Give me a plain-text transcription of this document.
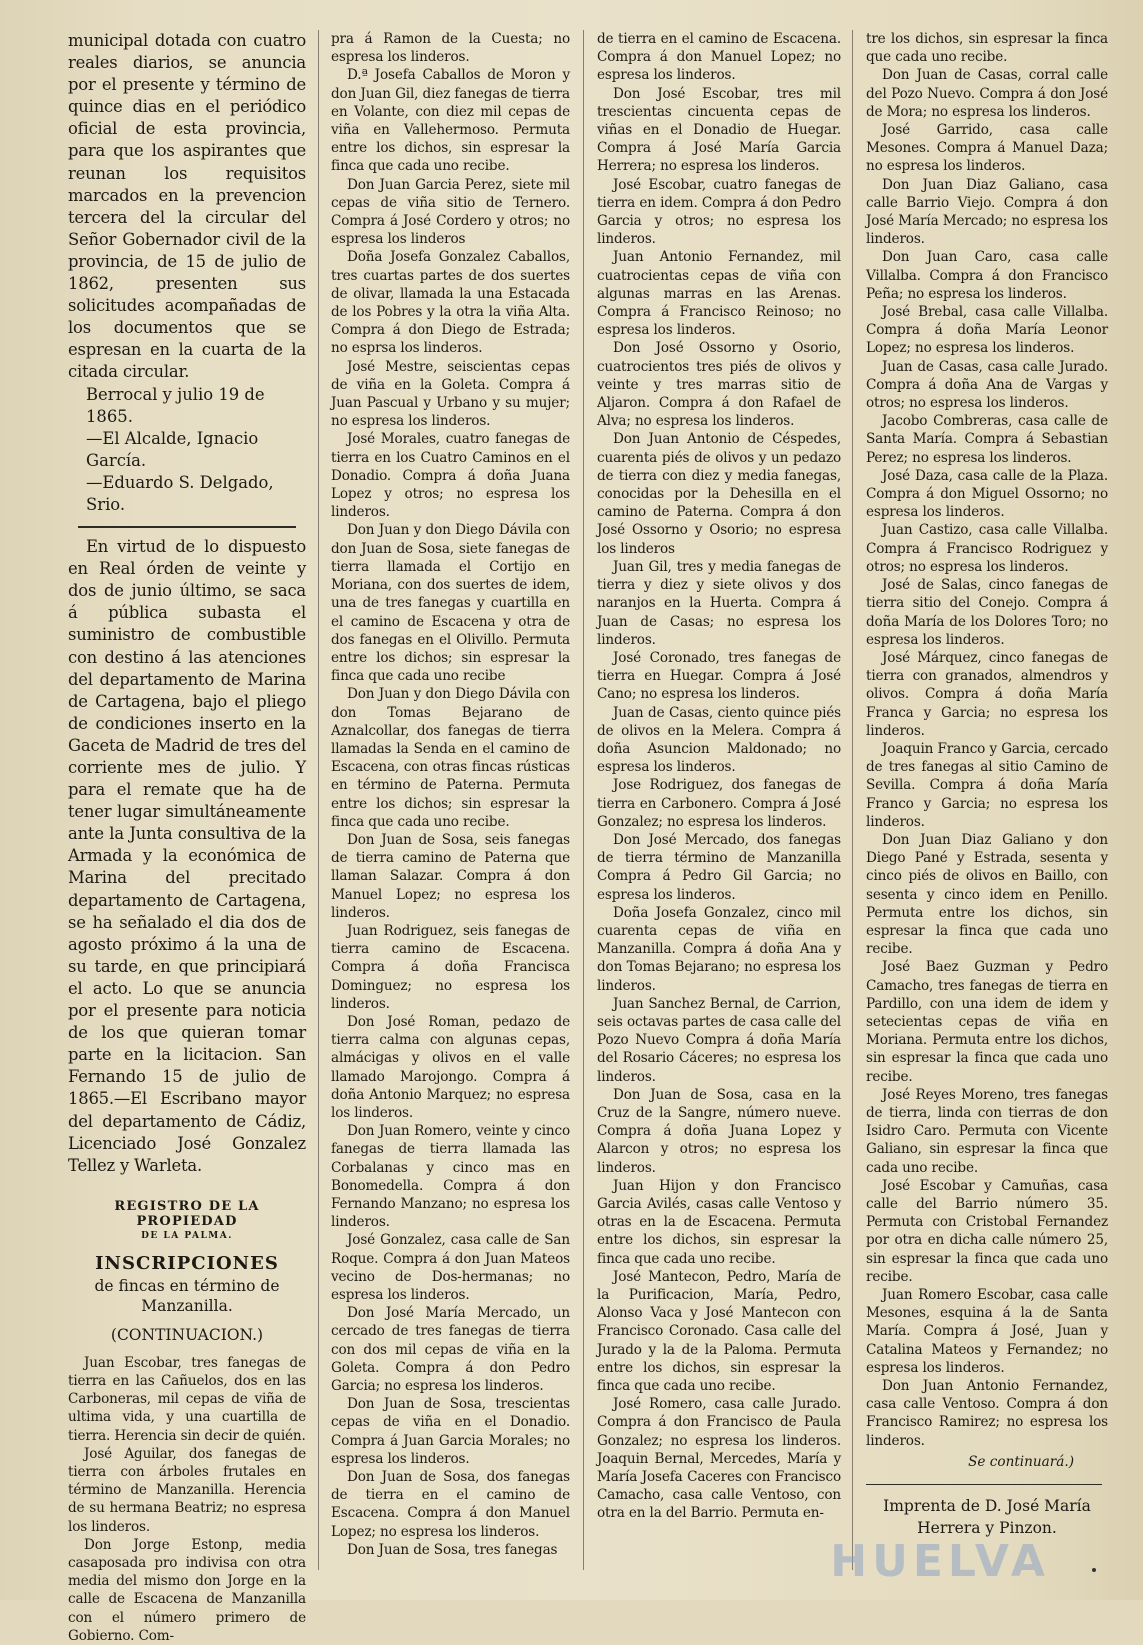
municipal dotada con cuatro reales diarios, se anuncia por el presente y término de quince dias en el periódico oficial de esta provincia, para que los aspirantes que reunan los requisitos marcados en la prevencion tercera del la circular del Señor Gobernador civil de la provincia, de 15 de julio de 1862, presenten sus solicitudes acompañadas de los documentos que se espresan en la cuarta de la citada circular.

Berrocal y julio 19 de 1865.

—El Alcalde, Ignacio García.

—Eduardo S. Delgado, Srio.

En virtud de lo dispuesto en Real órden de veinte y dos de junio último, se saca á pública subasta el suministro de combustible con destino á las atenciones del departamento de Marina de Cartagena, bajo el pliego de condiciones inserto en la Gaceta de Madrid de tres del corriente mes de julio. Y para el remate que ha de tener lugar simultáneamente ante la Junta consultiva de la Armada y la económica de Marina del precitado departamento de Cartagena, se ha señalado el dia dos de agosto próximo á la una de su tarde, en que principiará el acto. Lo que se anuncia por el presente para noticia de los que quieran tomar parte en la licitacion. San Fernando 15 de julio de 1865.—El Escribano mayor del departamento de Cádiz, Licenciado José Gonzalez Tellez y Warleta.

REGISTRO DE LA PROPIEDAD
DE LA PALMA.
INSCRIPCIONES
de fincas en término de Manzanilla.
(CONTINUACION.)

Juan Escobar, tres fanegas de tierra en las Cañuelos, dos en las Carboneras, mil cepas de viña de ultima vida, y una cuartilla de tierra. Herencia sin decir de quién.

José Aguilar, dos fanegas de tierra con árboles frutales en término de Manzanilla. Herencia de su hermana Beatriz; no espresa los linderos.

Don Jorge Estonp, media casaposada pro indivisa con otra media del mismo don Jorge en la calle de Escacena de Manzanilla con el número primero de Gobierno. Com-

pra á Ramon de la Cuesta; no espresa los linderos.

D.ª Josefa Caballos de Moron y don Juan Gil, diez fanegas de tierra en Volante, con diez mil cepas de viña en Vallehermoso. Permuta entre los dichos, sin espresar la finca que cada uno recibe.

Don Juan Garcia Perez, siete mil cepas de viña sitio de Ternero. Compra á José Cordero y otros; no espresa los linderos

Doña Josefa Gonzalez Caballos, tres cuartas partes de dos suertes de olivar, llamada la una Estacada de los Pobres y la otra la viña Alta. Compra á don Diego de Estrada; no esprsa los linderos.

José Mestre, seiscientas cepas de viña en la Goleta. Compra á Juan Pascual y Urbano y su mujer; no espresa los linderos.

José Morales, cuatro fanegas de tierra en los Cuatro Caminos en el Donadio. Compra á doña Juana Lopez y otros; no espresa los linderos.

Don Juan y don Diego Dávila con don Juan de Sosa, siete fanegas de tierra llamada el Cortijo en Moriana, con dos suertes de idem, una de tres fanegas y cuartilla en el camino de Escacena y otra de dos fanegas en el Olivillo. Permuta entre los dichos; sin espresar la finca que cada uno recibe

Don Juan y don Diego Dávila con don Tomas Bejarano de Aznalcollar, dos fanegas de tierra llamadas la Senda en el camino de Escacena, con otras fincas rústicas en término de Paterna. Permuta entre los dichos; sin espresar la finca que cada uno recibe.

Don Juan de Sosa, seis fanegas de tierra camino de Paterna que llaman Salazar. Compra á don Manuel Lopez; no espresa los linderos.

Juan Rodriguez, seis fanegas de tierra camino de Escacena. Compra á doña Francisca Dominguez; no espresa los linderos.

Don José Roman, pedazo de tierra calma con algunas cepas, almácigas y olivos en el valle llamado Marojongo. Compra á doña Antonio Marquez; no espresa los linderos.

Don Juan Romero, veinte y cinco fanegas de tierra llamada las Corbalanas y cinco mas en Bonomedella. Compra á don Fernando Manzano; no espresa los linderos.

José Gonzalez, casa calle de San Roque. Compra á don Juan Mateos vecino de Dos-hermanas; no espresa los linderos.

Don José María Mercado, un cercado de tres fanegas de tierra con dos mil cepas de viña en la Goleta. Compra á don Pedro Garcia; no espresa los linderos.

Don Juan de Sosa, trescientas cepas de viña en el Donadio. Compra á Juan Garcia Morales; no espresa los linderos.

Don Juan de Sosa, dos fanegas de tierra en el camino de Escacena. Compra á don Manuel Lopez; no espresa los linderos.

Don Juan de Sosa, tres fanegas

de tierra en el camino de Escacena. Compra á don Manuel Lopez; no espresa los linderos.

Don José Escobar, tres mil trescientas cincuenta cepas de viñas en el Donadio de Huegar. Compra á José María Garcia Herrera; no espresa los linderos.

José Escobar, cuatro fanegas de tierra en idem. Compra á don Pedro Garcia y otros; no espresa los linderos.

Juan Antonio Fernandez, mil cuatrocientas cepas de viña con algunas marras en las Arenas. Compra á Francisco Reinoso; no espresa los linderos.

Don José Ossorno y Osorio, cuatrocientos tres piés de olivos y veinte y tres marras sitio de Aljaron. Compra á don Rafael de Alva; no espresa los linderos.

Don Juan Antonio de Céspedes, cuarenta piés de olivos y un pedazo de tierra con diez y media fanegas, conocidas por la Dehesilla en el camino de Paterna. Compra á don José Ossorno y Osorio; no espresa los linderos

Juan Gil, tres y media fanegas de tierra y diez y siete olivos y dos naranjos en la Huerta. Compra á Juan de Casas; no espresa los linderos.

José Coronado, tres fanegas de tierra en Huegar. Compra á José Cano; no espresa los linderos.

Juan de Casas, ciento quince piés de olivos en la Melera. Compra á doña Asuncion Maldonado; no espresa los linderos.

Jose Rodriguez, dos fanegas de tierra en Carbonero. Compra á José Gonzalez; no espresa los linderos.

Don José Mercado, dos fanegas de tierra término de Manzanilla Compra á Pedro Gil Garcia; no espresa los linderos.

Doña Josefa Gonzalez, cinco mil cuarenta cepas de viña en Manzanilla. Compra á doña Ana y don Tomas Bejarano; no espresa los linderos.

Juan Sanchez Bernal, de Carrion, seis octavas partes de casa calle del Pozo Nuevo Compra á doña María del Rosario Cáceres; no espresa los linderos.

Don Juan de Sosa, casa en la Cruz de la Sangre, número nueve. Compra á doña Juana Lopez y Alarcon y otros; no espresa los linderos.

Juan Hijon y don Francisco Garcia Avilés, casas calle Ventoso y otras en la de Escacena. Permuta entre los dichos, sin espresar la finca que cada uno recibe.

José Mantecon, Pedro, María de la Purificacion, María, Pedro, Alonso Vaca y José Mantecon con Francisco Coronado. Casa calle del Jurado y la de la Paloma. Permuta entre los dichos, sin espresar la finca que cada uno recibe.

José Romero, casa calle Jurado. Compra á don Francisco de Paula Gonzalez; no espresa los linderos. Joaquin Bernal, Mercedes, María y María Josefa Caceres con Francisco Camacho, casa calle Ventoso, con otra en la del Barrio. Permuta en-

tre los dichos, sin espresar la finca que cada uno recibe.

Don Juan de Casas, corral calle del Pozo Nuevo. Compra á don José de Mora; no espresa los linderos.

José Garrido, casa calle Mesones. Compra á Manuel Daza; no espresa los linderos.

Don Juan Diaz Galiano, casa calle Barrio Viejo. Compra á don José María Mercado; no espresa los linderos.

Don Juan Caro, casa calle Villalba. Compra á don Francisco Peña; no espresa los linderos.

José Brebal, casa calle Villalba. Compra á doña María Leonor Lopez; no espresa los linderos.

Juan de Casas, casa calle Jurado. Compra á doña Ana de Vargas y otros; no espresa los linderos.

Jacobo Combreras, casa calle de Santa María. Compra á Sebastian Perez; no espresa los linderos.

José Daza, casa calle de la Plaza. Compra á don Miguel Ossorno; no espresa los linderos.

Juan Castizo, casa calle Villalba. Compra á Francisco Rodriguez y otros; no espresa los linderos.

José de Salas, cinco fanegas de tierra sitio del Conejo. Compra á doña María de los Dolores Toro; no espresa los linderos.

José Márquez, cinco fanegas de tierra con granados, almendros y olivos. Compra á doña María Franca y Garcia; no espresa los linderos.

Joaquin Franco y Garcia, cercado de tres fanegas al sitio Camino de Sevilla. Compra á doña María Franco y Garcia; no espresa los linderos.

Don Juan Diaz Galiano y don Diego Pané y Estrada, sesenta y cinco piés de olivos en Baillo, con sesenta y cinco idem en Penillo. Permuta entre los dichos, sin espresar la finca que cada uno recibe.

José Baez Guzman y Pedro Camacho, tres fanegas de tierra en Pardillo, con una idem de idem y setecientas cepas de viña en Moriana. Permuta entre los dichos, sin espresar la finca que cada uno recibe.

José Reyes Moreno, tres fanegas de tierra, linda con tierras de don Isidro Caro. Permuta con Vicente Galiano, sin espresar la finca que cada uno recibe.

José Escobar y Camuñas, casa calle del Barrio número 35. Permuta con Cristobal Fernandez por otra en dicha calle número 25, sin espresar la finca que cada uno recibe.

Juan Romero Escobar, casa calle Mesones, esquina á la de Santa María. Compra á José, Juan y Catalina Mateos y Fernandez; no espresa los linderos.

Don Juan Antonio Fernandez, casa calle Ventoso. Compra á don Francisco Ramirez; no espresa los linderos.

Se continuará.)

Imprenta de D. José María

Herrera y Pinzon.

HUELVA
